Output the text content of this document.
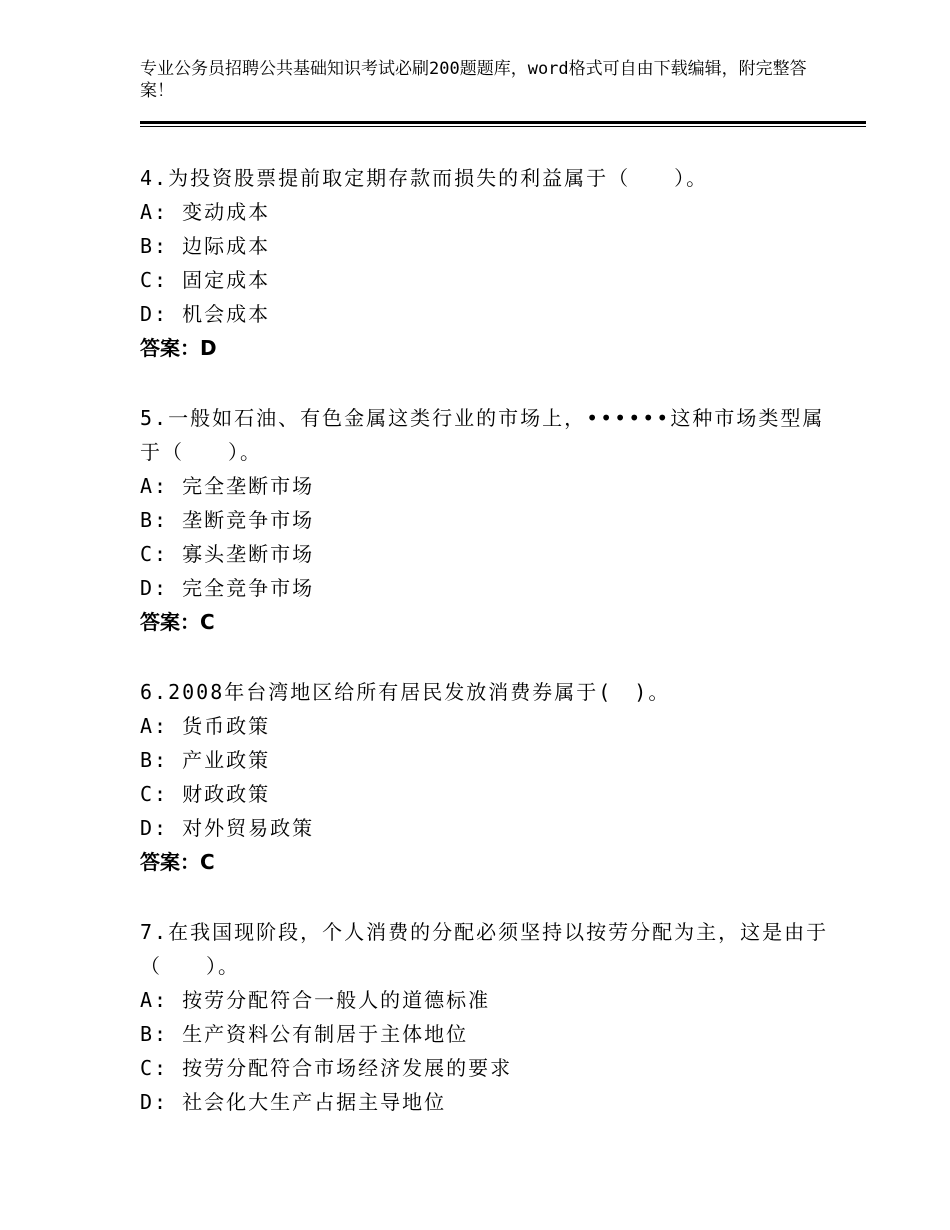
专业公务员招聘公共基础知识考试必刷200题题库，word格式可自由下载编辑，附完整答案！
4.为投资股票提前取定期存款而损失的利益属于（　　）。
A: 变动成本
B: 边际成本
C: 固定成本
D: 机会成本
答案：D
5.一般如石油、有色金属这类行业的市场上，••••••这种市场类型属于（　　）。
A: 完全垄断市场
B: 垄断竞争市场
C: 寡头垄断市场
D: 完全竞争市场
答案：C
6.2008年台湾地区给所有居民发放消费券属于(　)。
A: 货币政策
B: 产业政策
C: 财政政策
D: 对外贸易政策
答案：C
7.在我国现阶段，个人消费的分配必须坚持以按劳分配为主，这是由于（　　）。
A: 按劳分配符合一般人的道德标准
B: 生产资料公有制居于主体地位
C: 按劳分配符合市场经济发展的要求
D: 社会化大生产占据主导地位
